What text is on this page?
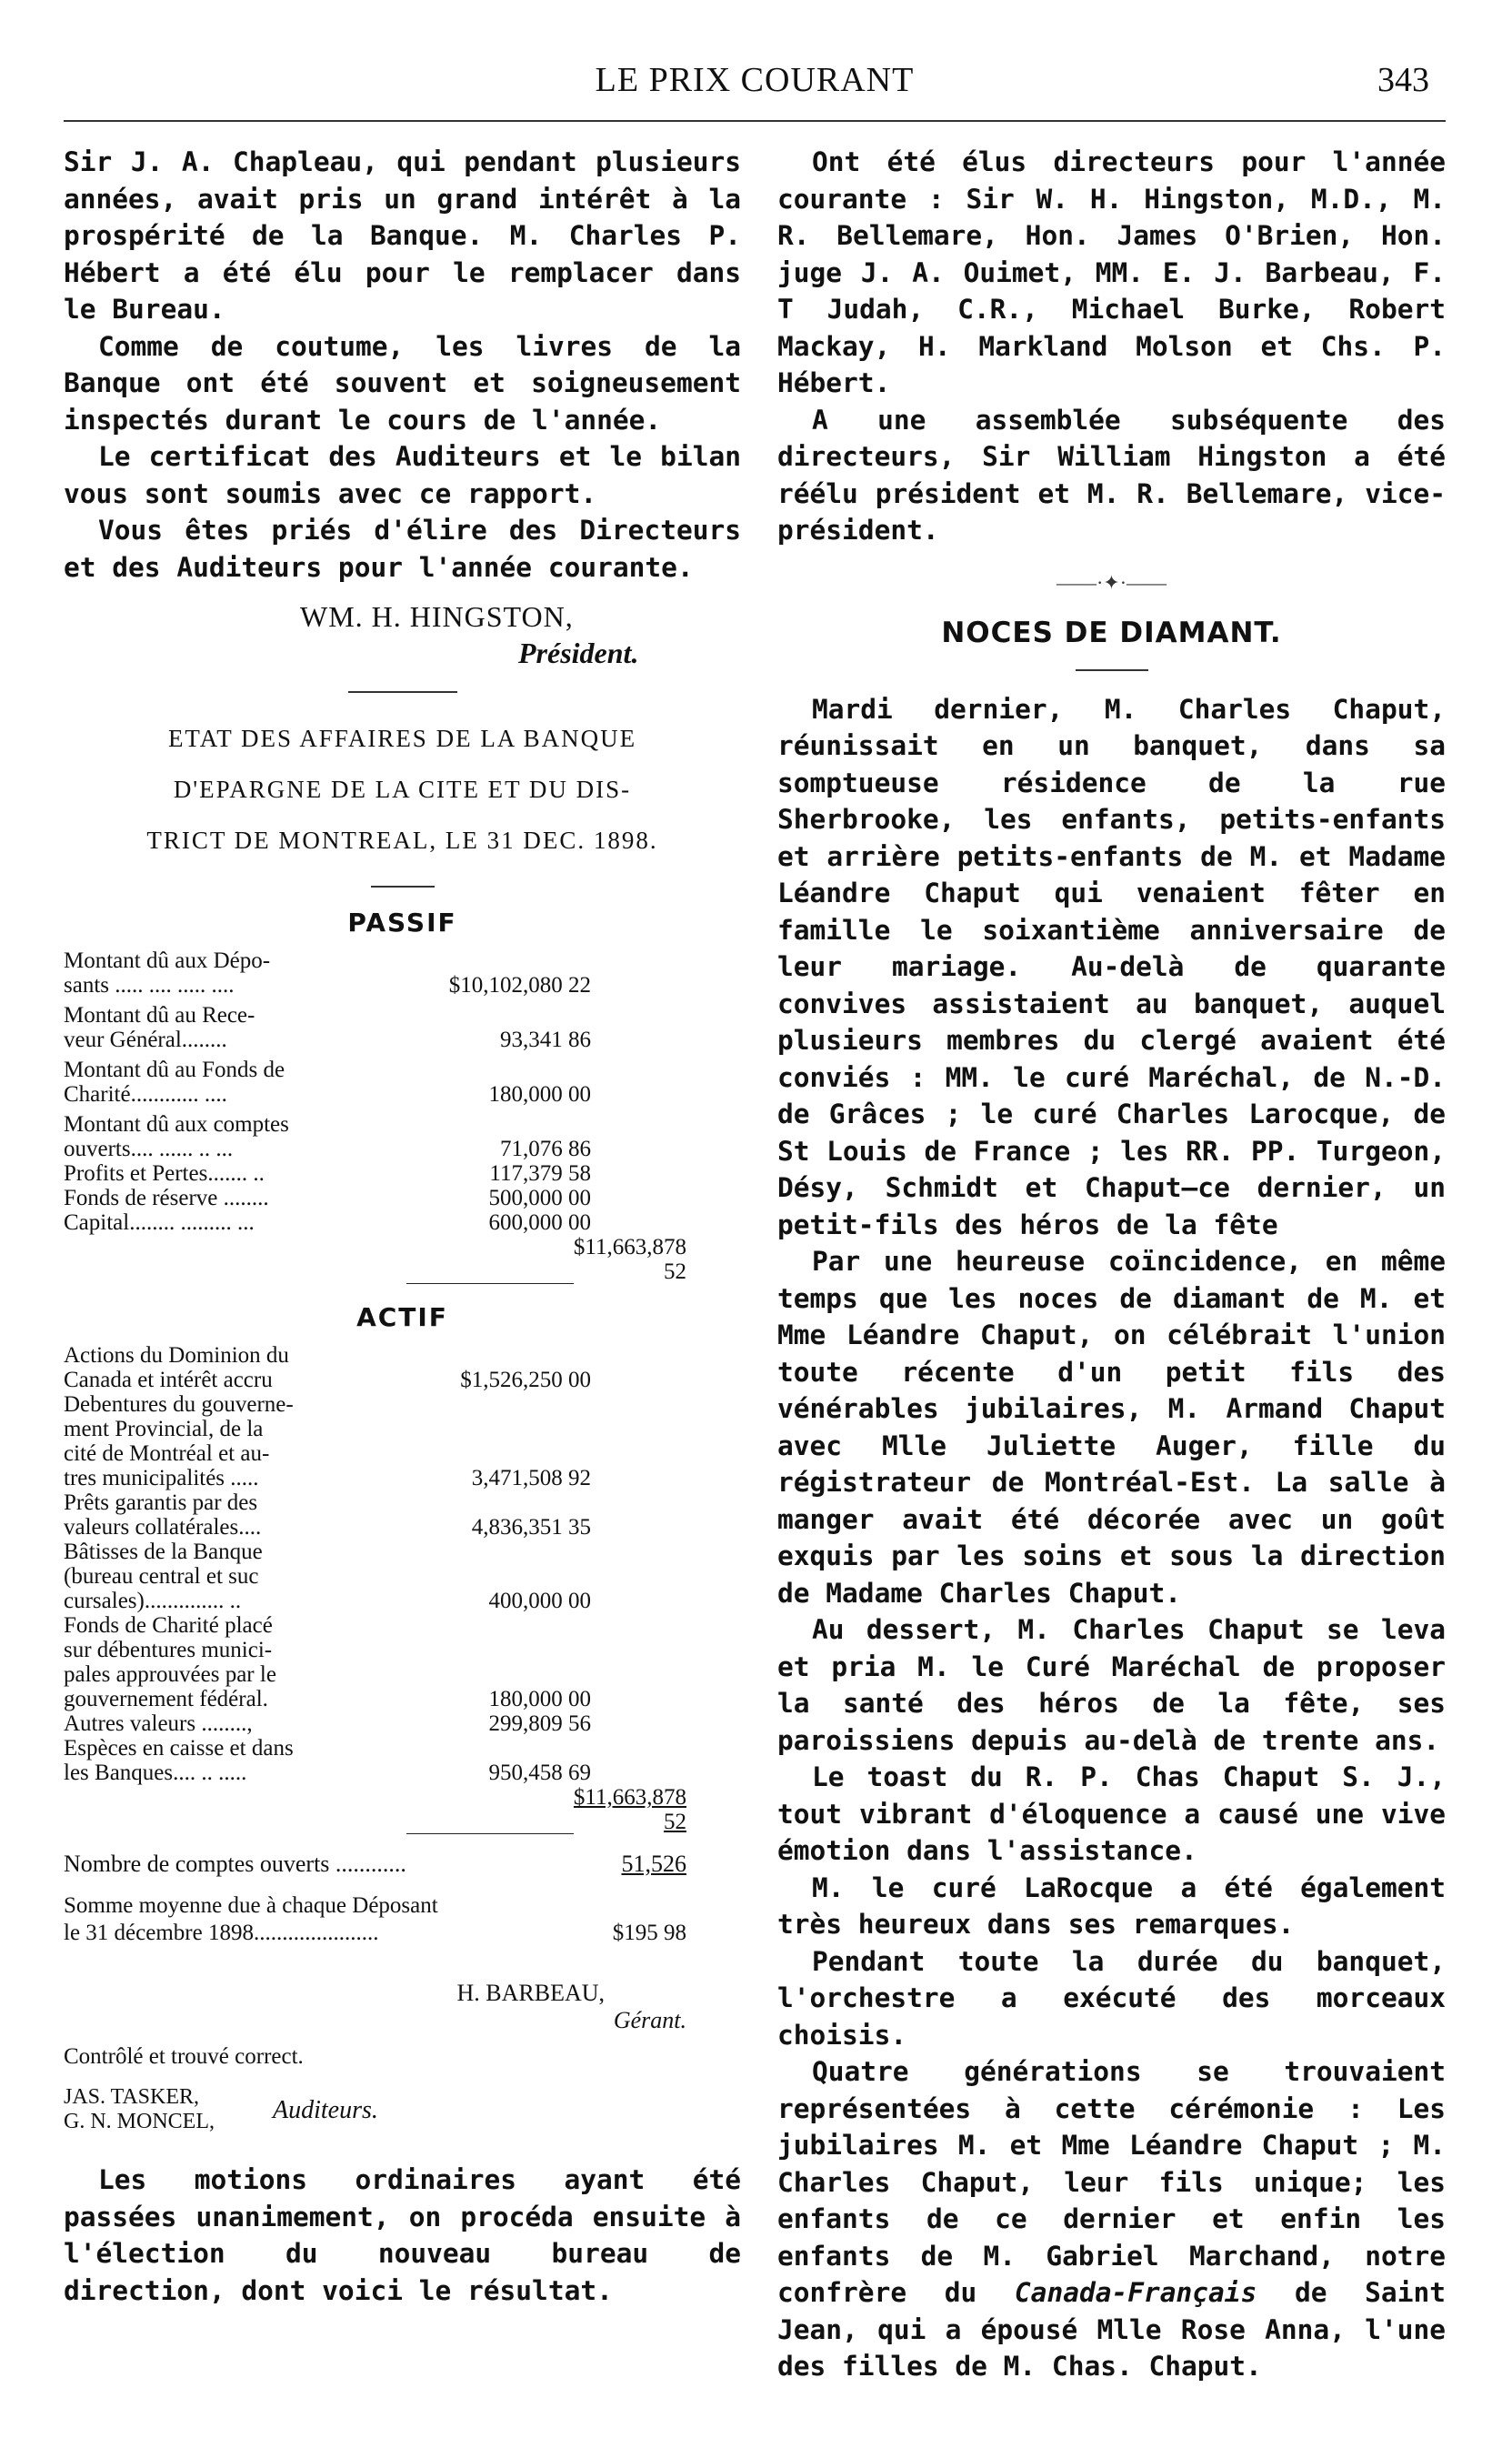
LE PRIX COURANT	343

Sir J. A. Chapleau, qui pendant plusieurs années, avait pris un grand intérêt à la prospérité de la Banque. M. Charles P. Hébert a été élu pour le remplacer dans le Bureau.

Comme de coutume, les livres de la Banque ont été souvent et soigneusement inspectés durant le cours de l'année.

Le certificat des Auditeurs et le bilan vous sont soumis avec ce rapport.

Vous êtes priés d'élire des Directeurs et des Auditeurs pour l'année courante.

WM. H. HINGSTON,
Président.
ETAT DES AFFAIRES DE LA BANQUE
D'EPARGNE DE LA CITE ET DU DIS-
TRICT DE MONTREAL, LE 31 DEC. 1898.
PASSIF
Montant dû aux Dépo-
sants ..... .... ..... ....	$10,102,080 22
Montant dû au Rece-
veur Général........	93,341 86
Montant dû au Fonds de
Charité............ ....	180,000 00
Montant dû aux comptes
ouverts.... ...... .. ...	71,076 86
Profits et Pertes....... ..	117,379 58
Fonds de réserve ........	500,000 00
Capital........ ......... ...	600,000 00
$11,663,878 52
ACTIF
Actions du Dominion du
Canada et intérêt accru	$1,526,250 00
Debentures du gouverne-
ment Provincial, de la
cité de Montréal et au-
tres municipalités .....	3,471,508 92
Prêts garantis par des
valeurs collatérales....	4,836,351 35
Bâtisses de la Banque
(bureau central et suc
cursales).............. ..	400,000 00
Fonds de Charité placé
sur débentures munici-
pales approuvées par le
gouvernement fédéral.	180,000 00
Autres valeurs ........,	299,809 56
Espèces en caisse et dans
les Banques.... .. .....	950,458 69
$11,663,878 52
Nombre de comptes ouverts ............	51,526
Somme moyenne due à chaque Déposant
le 31 décembre 1898......................	$195 98
H. BARBEAU,
Gérant.
Contrôlé et trouvé correct.
JAS. TASKER,
G. N. MONCEL,	Auditeurs.

Les motions ordinaires ayant été passées unanimement, on procéda ensuite à l'élection du nouveau bureau de direction, dont voici le résultat.

Ont été élus directeurs pour l'année courante : Sir W. H. Hingston, M.D., M. R. Bellemare, Hon. James O'Brien, Hon. juge J. A. Ouimet, MM. E. J. Barbeau, F. T Judah, C.R., Michael Burke, Robert Mackay, H. Markland Molson et Chs. P. Hébert.

A une assemblée subséquente des directeurs, Sir William Hingston a été réélu président et M. R. Bellemare, vice-président.

——·✦·——
NOCES DE DIAMANT.

Mardi dernier, M. Charles Chaput, réunissait en un banquet, dans sa somptueuse résidence de la rue Sherbrooke, les enfants, petits-enfants et arrière petits-enfants de M. et Madame Léandre Chaput qui venaient fêter en famille le soixantième anniversaire de leur mariage. Au-delà de quarante convives assistaient au banquet, auquel plusieurs membres du clergé avaient été conviés : MM. le curé Maréchal, de N.-D. de Grâces ; le curé Charles Larocque, de St Louis de France ; les RR. PP. Turgeon, Désy, Schmidt et Chaput—ce dernier, un petit-fils des héros de la fête

Par une heureuse coïncidence, en même temps que les noces de diamant de M. et Mme Léandre Chaput, on célébrait l'union toute récente d'un petit fils des vénérables jubilaires, M. Armand Chaput avec Mlle Juliette Auger, fille du régistrateur de Montréal-Est. La salle à manger avait été décorée avec un goût exquis par les soins et sous la direction de Madame Charles Chaput.

Au dessert, M. Charles Chaput se leva et pria M. le Curé Maréchal de proposer la santé des héros de la fête, ses paroissiens depuis au-delà de trente ans.

Le toast du R. P. Chas Chaput S. J., tout vibrant d'éloquence a causé une vive émotion dans l'assistance.

M. le curé LaRocque a été également très heureux dans ses remarques.

Pendant toute la durée du banquet, l'orchestre a exécuté des morceaux choisis.

Quatre générations se trouvaient représentées à cette cérémonie : Les jubilaires M. et Mme Léandre Chaput ; M. Charles Chaput, leur fils unique; les enfants de ce dernier et enfin les enfants de M. Gabriel Marchand, notre confrère du Canada-Français de Saint Jean, qui a épousé Mlle Rose Anna, l'une des filles de M. Chas. Chaput.
